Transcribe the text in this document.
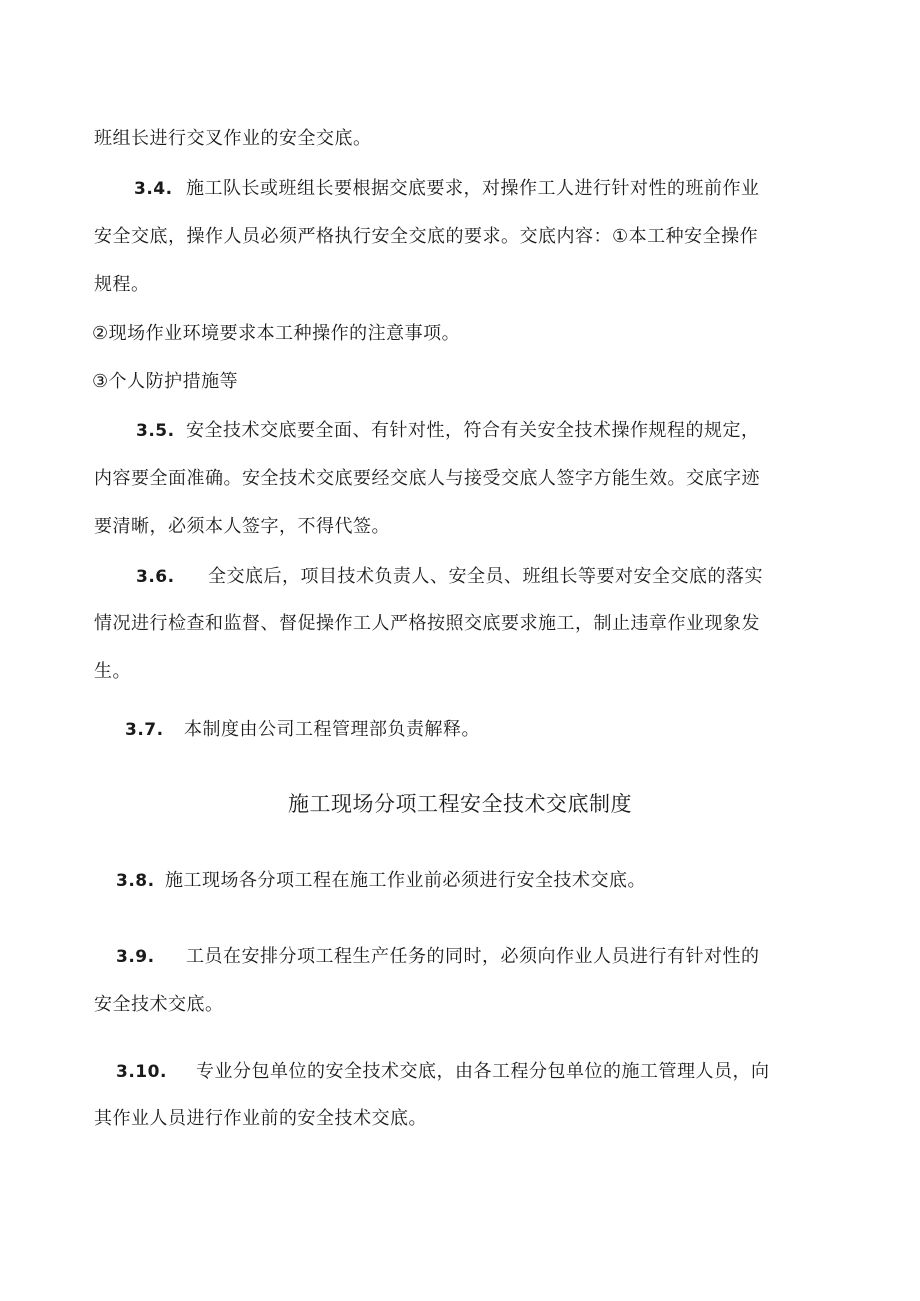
班组长进行交叉作业的安全交底。
3.4. 施工队长或班组长要根据交底要求，对操作工人进行针对性的班前作业
安全交底，操作人员必须严格执行安全交底的要求。交底内容：①本工种安全操作
规程。
②现场作业环境要求本工种操作的注意事项。
③个人防护措施等
3.5. 安全技术交底要全面、有针对性，符合有关安全技术操作规程的规定，
内容要全面准确。安全技术交底要经交底人与接受交底人签字方能生效。交底字迹
要清晰，必须本人签字，不得代签。
3.6. 全交底后，项目技术负责人、安全员、班组长等要对安全交底的落实
情况进行检查和监督、督促操作工人严格按照交底要求施工，制止违章作业现象发
生。
3.7. 本制度由公司工程管理部负责解释。
施工现场分项工程安全技术交底制度
3.8. 施工现场各分项工程在施工作业前必须进行安全技术交底。
3.9. 工员在安排分项工程生产任务的同时，必须向作业人员进行有针对性的
安全技术交底。
3.10. 专业分包单位的安全技术交底，由各工程分包单位的施工管理人员，向
其作业人员进行作业前的安全技术交底。
